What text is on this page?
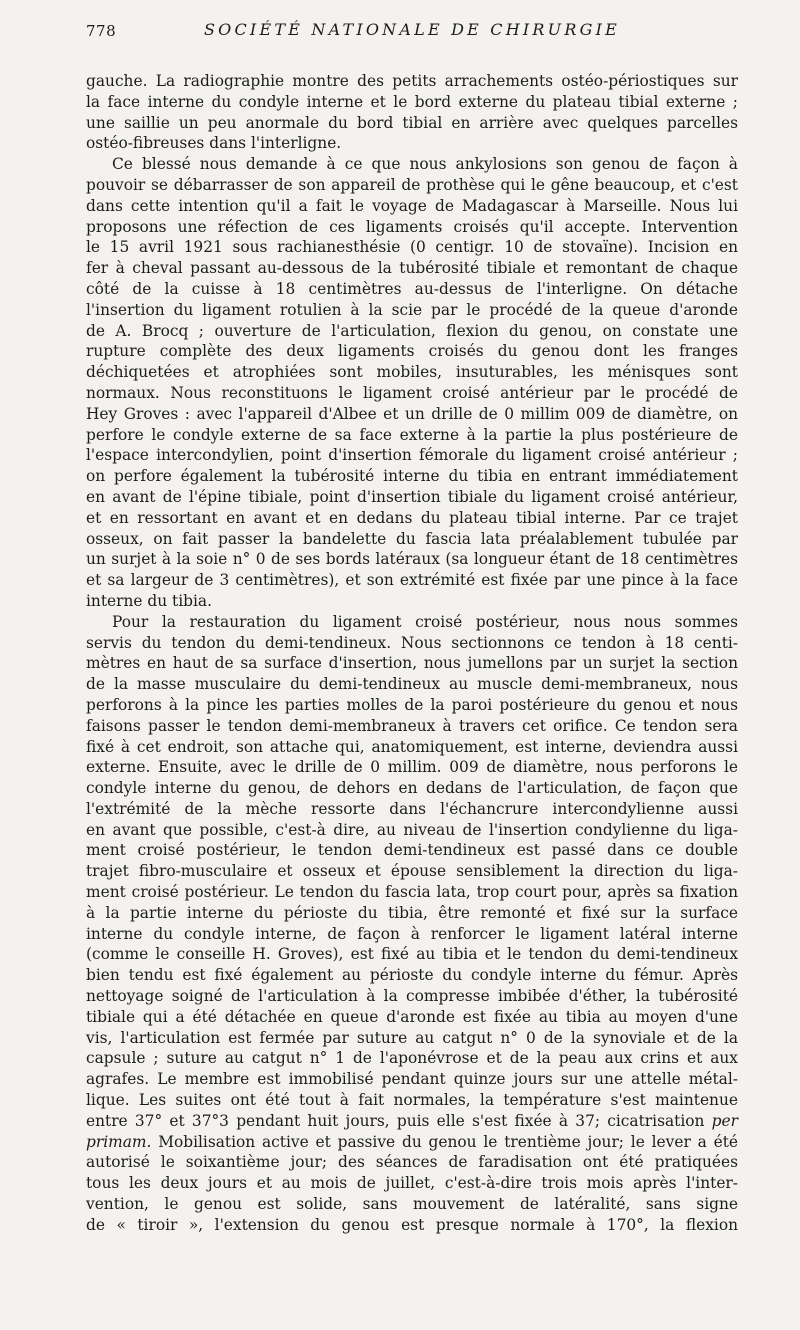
778	SOCIÉTÉ NATIONALE DE CHIRURGIE
gauche. La radiographie montre des petits arrachements ostéo-périostiques sur
la face interne du condyle interne et le bord externe du plateau tibial externe ;
une saillie un peu anormale du bord tibial en arrière avec quelques parcelles
ostéo-fibreuses dans l'interligne.
Ce blessé nous demande à ce que nous ankylosions son genou de façon à
pouvoir se débarrasser de son appareil de prothèse qui le gêne beaucoup, et c'est
dans cette intention qu'il a fait le voyage de Madagascar à Marseille. Nous lui
proposons une réfection de ces ligaments croisés qu'il accepte. Intervention
le 15 avril 1921 sous rachianesthésie (0 centigr. 10 de stovaïne). Incision en
fer à cheval passant au-dessous de la tubérosité tibiale et remontant de chaque
côté de la cuisse à 18 centimètres au-dessus de l'interligne. On détache
l'insertion du ligament rotulien à la scie par le procédé de la queue d'aronde
de A. Brocq ; ouverture de l'articulation, flexion du genou, on constate une
rupture complète des deux ligaments croisés du genou dont les franges
déchiquetées et atrophiées sont mobiles, insuturables, les ménisques sont
normaux. Nous reconstituons le ligament croisé antérieur par le procédé de
Hey Groves : avec l'appareil d'Albee et un drille de 0 millim 009 de diamètre, on
perfore le condyle externe de sa face externe à la partie la plus postérieure de
l'espace intercondylien, point d'insertion fémorale du ligament croisé antérieur ;
on perfore également la tubérosité interne du tibia en entrant immédiatement
en avant de l'épine tibiale, point d'insertion tibiale du ligament croisé antérieur,
et en ressortant en avant et en dedans du plateau tibial interne. Par ce trajet
osseux, on fait passer la bandelette du fascia lata préalablement tubulée par
un surjet à la soie n° 0 de ses bords latéraux (sa longueur étant de 18 centimètres
et sa largeur de 3 centimètres), et son extrémité est fixée par une pince à la face
interne du tibia.
Pour la restauration du ligament croisé postérieur, nous nous sommes
servis du tendon du demi-tendineux. Nous sectionnons ce tendon à 18 centi-
mètres en haut de sa surface d'insertion, nous jumellons par un surjet la section
de la masse musculaire du demi-tendineux au muscle demi-membraneux, nous
perforons à la pince les parties molles de la paroi postérieure du genou et nous
faisons passer le tendon demi-membraneux à travers cet orifice. Ce tendon sera
fixé à cet endroit, son attache qui, anatomiquement, est interne, deviendra aussi
externe. Ensuite, avec le drille de 0 millim. 009 de diamètre, nous perforons le
condyle interne du genou, de dehors en dedans de l'articulation, de façon que
l'extrémité de la mèche ressorte dans l'échancrure intercondylienne aussi
en avant que possible, c'est-à dire, au niveau de l'insertion condylienne du liga-
ment croisé postérieur, le tendon demi-tendineux est passé dans ce double
trajet fibro-musculaire et osseux et épouse sensiblement la direction du liga-
ment croisé postérieur. Le tendon du fascia lata, trop court pour, après sa fixation
à la partie interne du périoste du tibia, être remonté et fixé sur la surface
interne du condyle interne, de façon à renforcer le ligament latéral interne
(comme le conseille H. Groves), est fixé au tibia et le tendon du demi-tendineux
bien tendu est fixé également au périoste du condyle interne du fémur. Après
nettoyage soigné de l'articulation à la compresse imbibée d'éther, la tubérosité
tibiale qui a été détachée en queue d'aronde est fixée au tibia au moyen d'une
vis, l'articulation est fermée par suture au catgut n° 0 de la synoviale et de la
capsule ; suture au catgut n° 1 de l'aponévrose et de la peau aux crins et aux
agrafes. Le membre est immobilisé pendant quinze jours sur une attelle métal-
lique. Les suites ont été tout à fait normales, la température s'est maintenue
entre 37° et 37°3 pendant huit jours, puis elle s'est fixée à 37; cicatrisation per
primam. Mobilisation active et passive du genou le trentième jour; le lever a été
autorisé le soixantième jour; des séances de faradisation ont été pratiquées
tous les deux jours et au mois de juillet, c'est-à-dire trois mois après l'inter-
vention, le genou est solide, sans mouvement de latéralité, sans signe
de « tiroir », l'extension du genou est presque normale à 170°, la flexion
